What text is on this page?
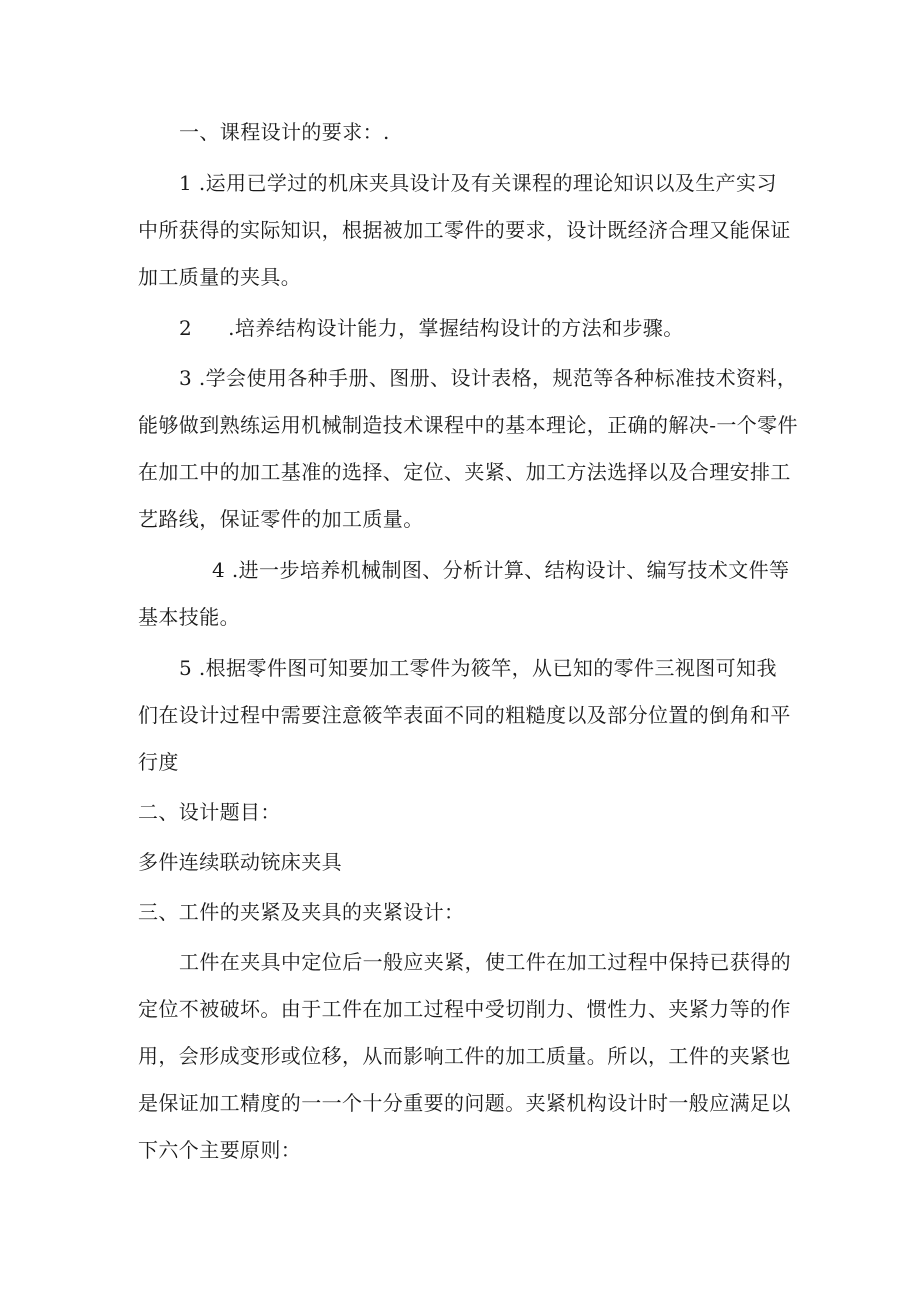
一、课程设计的要求：.
1 .运用已学过的机床夹具设计及有关课程的理论知识以及生产实习
中所获得的实际知识，根据被加工零件的要求，设计既经济合理又能保证
加工质量的夹具。
2 .培养结构设计能力，掌握结构设计的方法和步骤。
3 .学会使用各种手册、图册、设计表格，规范等各种标准技术资料，
能够做到熟练运用机械制造技术课程中的基本理论，正确的解决-一个零件
在加工中的加工基准的选择、定位、夹紧、加工方法选择以及合理安排工
艺路线，保证零件的加工质量。
4 .进一步培养机械制图、分析计算、结构设计、编写技术文件等
基本技能。
5 .根据零件图可知要加工零件为筱竿，从已知的零件三视图可知我
们在设计过程中需要注意筱竿表面不同的粗糙度以及部分位置的倒角和平
行度
二、设计题目：
多件连续联动铳床夹具
三、工件的夹紧及夹具的夹紧设计：
工件在夹具中定位后一般应夹紧，使工件在加工过程中保持已获得的
定位不被破坏。由于工件在加工过程中受切削力、惯性力、夹紧力等的作
用，会形成变形或位移，从而影响工件的加工质量。所以，工件的夹紧也
是保证加工精度的一一个十分重要的问题。夹紧机构设计时一般应满足以
下六个主要原则：
